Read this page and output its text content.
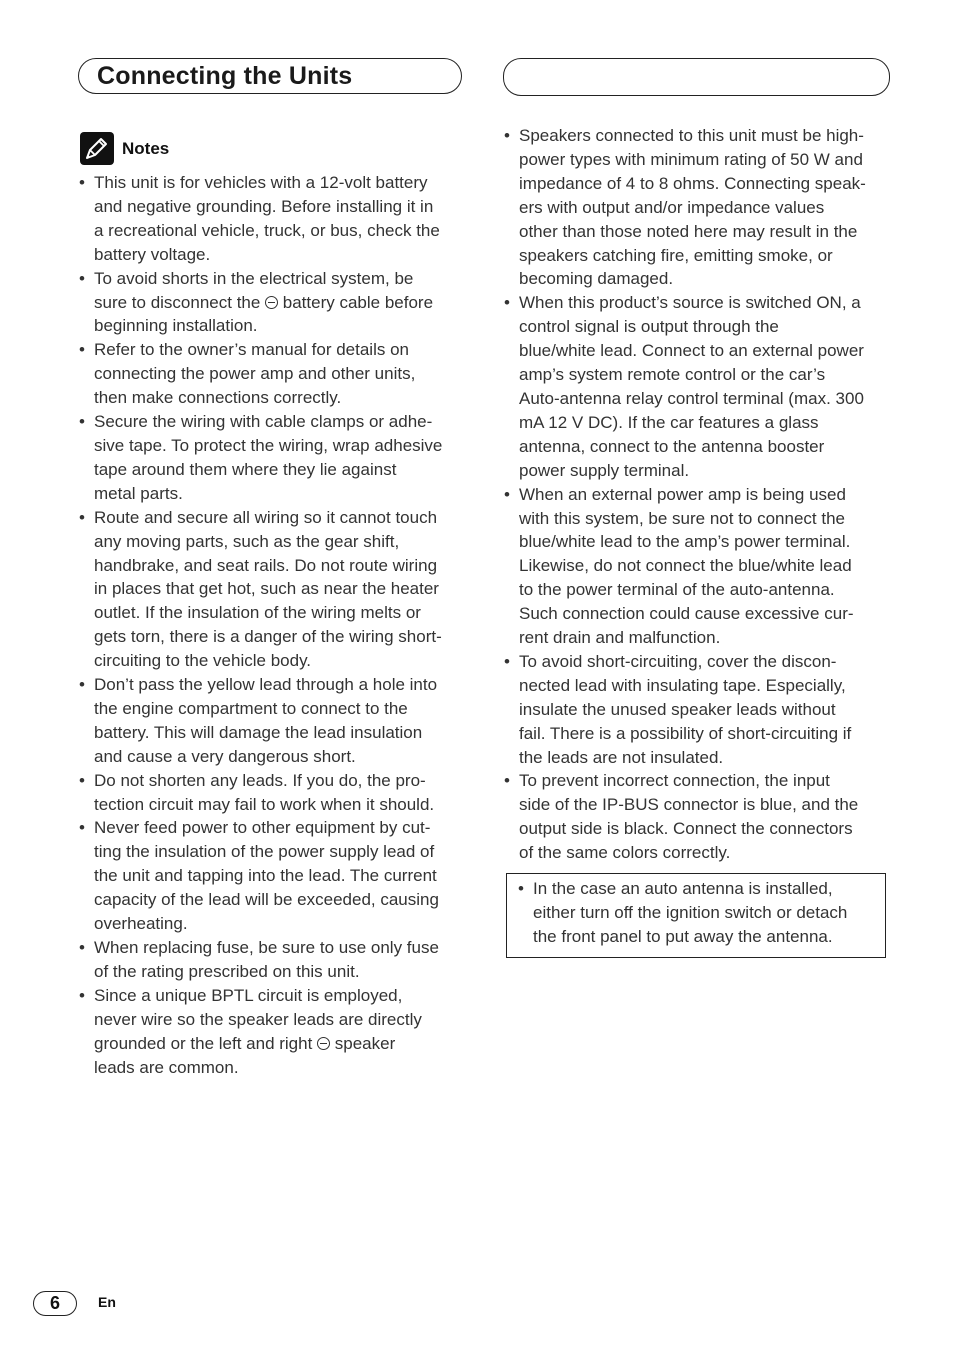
Connecting the Units
Notes
• This unit is for vehicles with a 12-volt battery
and negative grounding. Before installing it in
a recreational vehicle, truck, or bus, check the
battery voltage.
• To avoid shorts in the electrical system, be
sure to disconnect the  battery cable before
beginning installation.
• Refer to the owner’s manual for details on
connecting the power amp and other units,
then make connections correctly.
• Secure the wiring with cable clamps or adhe-
sive tape. To protect the wiring, wrap adhesive
tape around them where they lie against
metal parts.
• Route and secure all wiring so it cannot touch
any moving parts, such as the gear shift,
handbrake, and seat rails. Do not route wiring
in places that get hot, such as near the heater
outlet. If the insulation of the wiring melts or
gets torn, there is a danger of the wiring short-
circuiting to the vehicle body.
• Don’t pass the yellow lead through a hole into
the engine compartment to connect to the
battery. This will damage the lead insulation
and cause a very dangerous short.
• Do not shorten any leads. If you do, the pro-
tection circuit may fail to work when it should.
• Never feed power to other equipment by cut-
ting the insulation of the power supply lead of
the unit and tapping into the lead. The current
capacity of the lead will be exceeded, causing
overheating.
• When replacing fuse, be sure to use only fuse
of the rating prescribed on this unit.
• Since a unique BPTL circuit is employed,
never wire so the speaker leads are directly
grounded or the left and right  speaker
leads are common.
• Speakers connected to this unit must be high-
power types with minimum rating of 50 W and
impedance of 4 to 8 ohms. Connecting speak-
ers with output and/or impedance values
other than those noted here may result in the
speakers catching fire, emitting smoke, or
becoming damaged.
• When this product’s source is switched ON, a
control signal is output through the
blue/white lead. Connect to an external power
amp’s system remote control or the car’s
Auto-antenna relay control terminal (max. 300
mA 12 V DC). If the car features a glass
antenna, connect to the antenna booster
power supply terminal.
• When an external power amp is being used
with this system, be sure not to connect the
blue/white lead to the amp’s power terminal.
Likewise, do not connect the blue/white lead
to the power terminal of the auto-antenna.
Such connection could cause excessive cur-
rent drain and malfunction.
• To avoid short-circuiting, cover the discon-
nected lead with insulating tape. Especially,
insulate the unused speaker leads without
fail. There is a possibility of short-circuiting if
the leads are not insulated.
• To prevent incorrect connection, the input
side of the IP-BUS connector is blue, and the
output side is black. Connect the connectors
of the same colors correctly.
• In the case an auto antenna is installed,
either turn off the ignition switch or detach
the front panel to put away the antenna.
6	En
